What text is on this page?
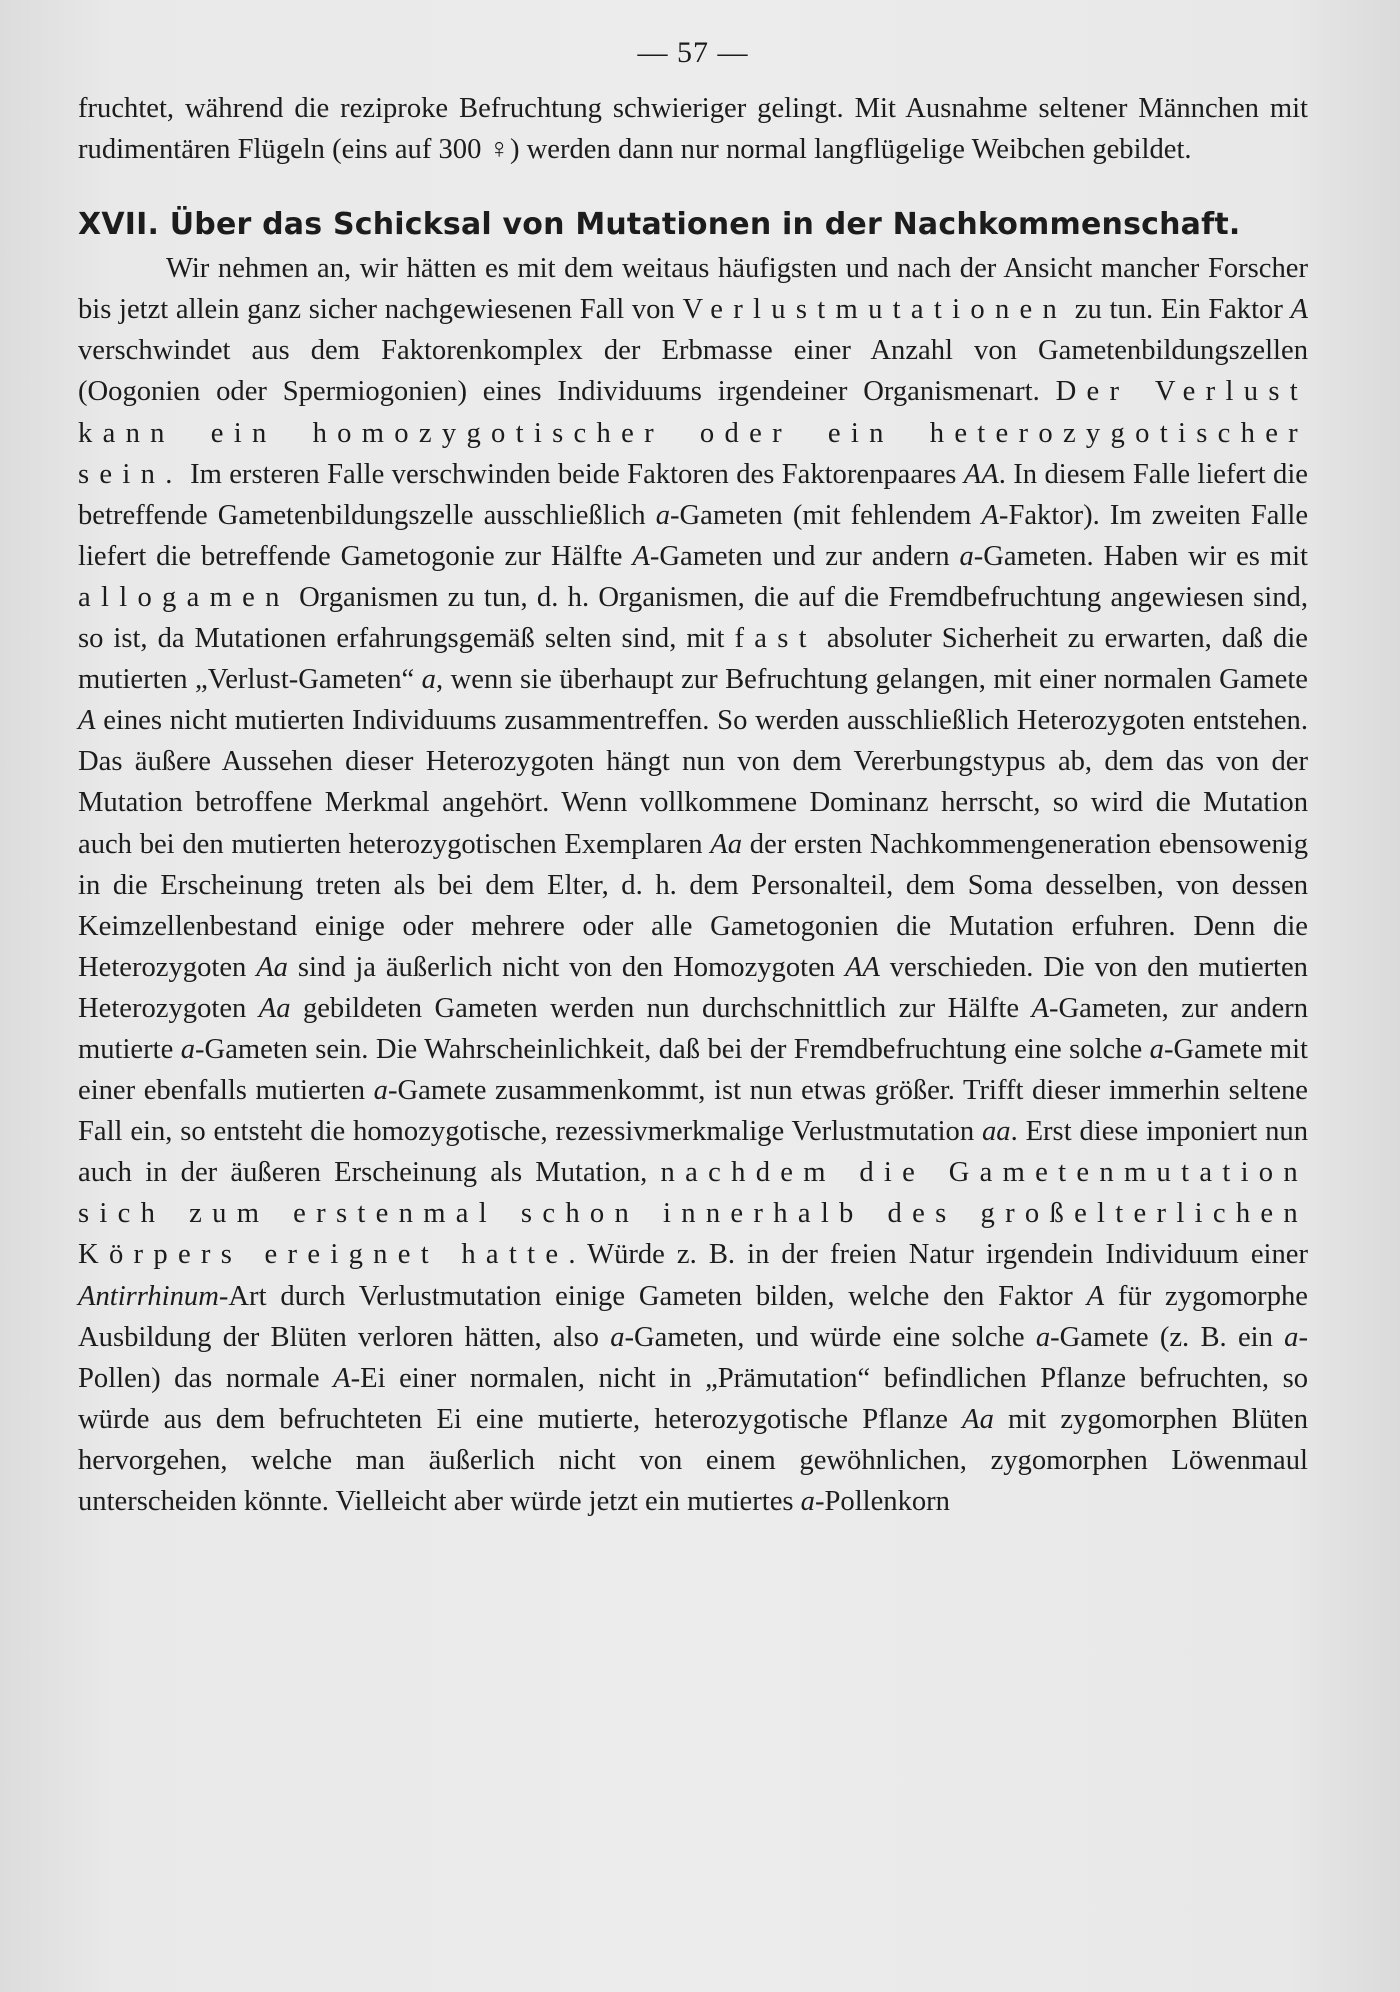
— 57 —

fruchtet, während die reziproke Befruchtung schwieriger gelingt. Mit Ausnahme seltener Männchen mit rudimentären Flügeln (eins auf 300 ♀) werden dann nur normal langflügelige Weibchen gebildet.

XVII. Über das Schicksal von Mutationen in der Nachkommenschaft.

Wir nehmen an, wir hätten es mit dem weitaus häufigsten und nach der Ansicht mancher Forscher bis jetzt allein ganz sicher nachgewiesenen Fall von Verlustmutationen zu tun. Ein Faktor A verschwindet aus dem Faktorenkomplex der Erbmasse einer Anzahl von Gametenbildungszellen (Oogonien oder Spermiogonien) eines Individuums irgendeiner Organismenart. Der Verlust kann ein homozygotischer oder ein heterozygotischer sein. Im ersteren Falle verschwinden beide Faktoren des Faktorenpaares AA. In diesem Falle liefert die betreffende Gametenbildungszelle ausschließlich a-Gameten (mit fehlendem A-Faktor). Im zweiten Falle liefert die betreffende Gametogonie zur Hälfte A-Gameten und zur andern a-Gameten. Haben wir es mit allogamen Organismen zu tun, d. h. Organismen, die auf die Fremdbefruchtung angewiesen sind, so ist, da Mutationen erfahrungsgemäß selten sind, mit fast absoluter Sicherheit zu erwarten, daß die mutierten „Verlust-Gameten“ a, wenn sie überhaupt zur Befruchtung gelangen, mit einer normalen Gamete A eines nicht mutierten Individuums zusammentreffen. So werden ausschließlich Heterozygoten entstehen. Das äußere Aussehen dieser Heterozygoten hängt nun von dem Vererbungstypus ab, dem das von der Mutation betroffene Merkmal angehört. Wenn vollkommene Dominanz herrscht, so wird die Mutation auch bei den mutierten heterozygotischen Exemplaren Aa der ersten Nachkommengeneration ebensowenig in die Erscheinung treten als bei dem Elter, d. h. dem Personalteil, dem Soma desselben, von dessen Keimzellenbestand einige oder mehrere oder alle Gametogonien die Mutation erfuhren. Denn die Heterozygoten Aa sind ja äußerlich nicht von den Homozygoten AA verschieden. Die von den mutierten Heterozygoten Aa gebildeten Gameten werden nun durchschnittlich zur Hälfte A-Gameten, zur andern mutierte a-Gameten sein. Die Wahrscheinlichkeit, daß bei der Fremdbefruchtung eine solche a-Gamete mit einer ebenfalls mutierten a-Gamete zusammenkommt, ist nun etwas größer. Trifft dieser immerhin seltene Fall ein, so entsteht die homozygotische, rezessivmerkmalige Verlustmutation aa. Erst diese imponiert nun auch in der äußeren Erscheinung als Mutation, nachdem die Gametenmutation sich zum erstenmal schon innerhalb des großelterlichen Körpers ereignet hatte. Würde z. B. in der freien Natur irgendein Individuum einer Antirrhinum-Art durch Verlustmutation einige Gameten bilden, welche den Faktor A für zygomorphe Ausbildung der Blüten verloren hätten, also a-Gameten, und würde eine solche a-Gamete (z. B. ein a-Pollen) das normale A-Ei einer normalen, nicht in „Prämutation“ befindlichen Pflanze befruchten, so würde aus dem befruchteten Ei eine mutierte, heterozygotische Pflanze Aa mit zygomorphen Blüten hervorgehen, welche man äußerlich nicht von einem gewöhnlichen, zygomorphen Löwenmaul unterscheiden könnte. Vielleicht aber würde jetzt ein mutiertes a-Pollenkorn
